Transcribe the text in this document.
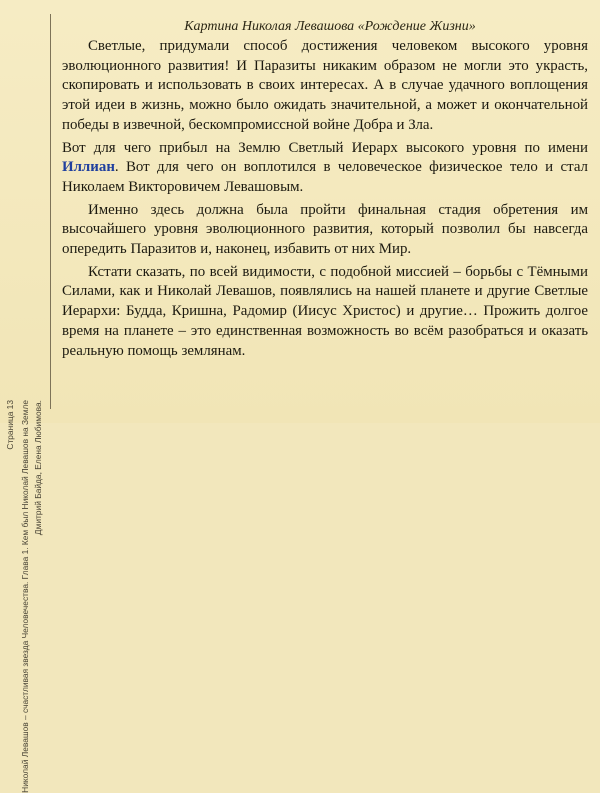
Страница 13 Николай Левашов – счастливая звезда Человечества. Глава 1. Кем был Николай Левашов на Земле Дмитрий Байда, Елена Любимова.
Картина Николая Левашова «Рождение Жизни»

Светлые, придумали способ достижения человеком высокого уровня эволюционного развития! И Паразиты никаким образом не могли это украсть, скопировать и использовать в своих интересах. А в случае удачного воплощения этой идеи в жизнь, можно было ожидать значительной, а может и окончательной победы в извечной, бескомпромиссной войне Добра и Зла.

Вот для чего прибыл на Землю Светлый Иерарх высокого уровня по имени Иллиан. Вот для чего он воплотился в человеческое физическое тело и стал Николаем Викторовичем Левашовым.

Именно здесь должна была пройти финальная стадия обретения им высочайшего уровня эволюционного развития, который позволил бы навсегда опередить Паразитов и, наконец, избавить от них Мир.

Кстати сказать, по всей видимости, с подобной миссией – борьбы с Тёмными Силами, как и Николай Левашов, появлялись на нашей планете и другие Светлые Иерархи: Будда, Кришна, Радомир (Иисус Христос) и другие… Прожить долгое время на планете – это единственная возможность во всём разобраться и оказать реальную помощь землянам.
